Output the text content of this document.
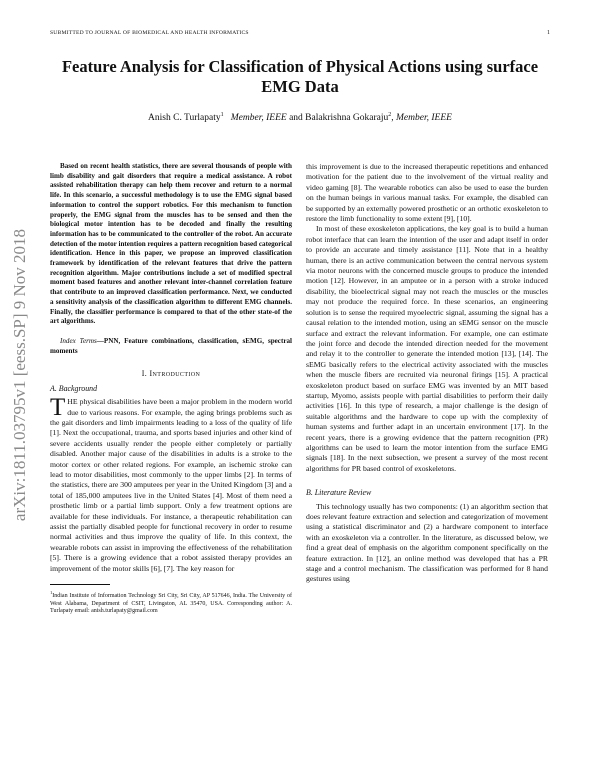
SUBMITTED TO JOURNAL OF BIOMEDICAL AND HEALTH INFORMATICS	1
Feature Analysis for Classification of Physical Actions using surface EMG Data
Anish C. Turlapaty$^1$ Member, IEEE and Balakrishna Gokaraju$^2$, Member, IEEE
arXiv:1811.03795v1 [eess.SP] 9 Nov 2018

Based on recent health statistics, there are several thousands of people with limb disability and gait disorders that require a medical assistance. A robot assisted rehabilitation therapy can help them recover and return to a normal life. In this scenario, a successful methodology is to use the EMG signal based information to control the support robotics. For this mechanism to function properly, the EMG signal from the muscles has to be sensed and then the biological motor intention has to be decoded and finally the resulting information has to be communicated to the controller of the robot. An accurate detection of the motor intention requires a pattern recognition based categorical identification. Hence in this paper, we propose an improved classification framework by identification of the relevant features that drive the pattern recognition algorithm. Major contributions include a set of modified spectral moment based features and another relevant inter-channel correlation feature that contribute to an improved classification performance. Next, we conducted a sensitivity analysis of the classification algorithm to different EMG channels. Finally, the classifier performance is compared to that of the other state-of the art algorithms.

Index Terms—PNN, Feature combinations, classification, sEMG, spectral moments

I. Introduction
A. Background

THE physical disabilities have been a major problem in the modern world due to various reasons. For example, the aging brings problems such as the gait disorders and limb impairments leading to a loss of the quality of life [1]. Next the occupational, trauma, and sports based injuries and other kind of severe accidents usually render the people either completely or partially disabled. Another major cause of the disabilities in adults is a stroke to the motor cortex or other related regions. For example, an ischemic stroke can lead to motor disabilities, most commonly to the upper limbs [2]. In terms of the statistics, there are 300 amputees per year in the United Kingdom [3] and a total of 185,000 amputees live in the United States [4]. Most of them need a prosthetic limb or a partial limb support. Only a few treatment options are available for these individuals. For instance, a therapeutic rehabilitation can assist the partially disabled people for functional recovery in order to resume normal activities and thus improve the quality of life. In this context, the wearable robots can assist in improving the effectiveness of the rehabilitation [5]. There is a growing evidence that a robot assisted therapy provides an improvement of the motor skills [6], [7]. The key reason for

$^1$Indian Institute of Information Technology Sri City, Sri City, AP 517646, India. The University of West Alabama, Department of CSIT, Livingston, AL 35470, USA. Corresponding author: A. Turlapaty email: anish.turlapaty@gmail.com

this improvement is due to the increased therapeutic repetitions and enhanced motivation for the patient due to the involvement of the virtual reality and video gaming [8]. The wearable robotics can also be used to ease the burden on the human beings in various manual tasks. For example, the disabled can be supported by an externally powered prosthetic or an orthotic exoskeleton to restore the limb functionality to some extent [9], [10].

In most of these exoskeleton applications, the key goal is to build a human robot interface that can learn the intention of the user and adapt itself in order to provide an accurate and timely assistance [11]. Note that in a healthy human, there is an active communication between the central nervous system via motor neurons with the concerned muscle groups to produce the intended motion [12]. However, in an amputee or in a person with a stroke induced disability, the bioelectrical signal may not reach the muscles or the muscles may not produce the required force. In these scenarios, an engineering solution is to sense the required myoelectric signal, assuming the signal has a causal relation to the intended motion, using an sEMG sensor on the muscle surface and extract the relevant information. For example, one can estimate the joint force and decode the intended direction needed for the movement and relay it to the controller to generate the intended motion [13], [14]. The sEMG basically refers to the electrical activity associated with the muscles when the muscle fibers are recruited via neuronal firings [15]. A practical exoskeleton product based on surface EMG was invented by an MIT based startup, Myomo, assists people with partial disabilities to perform their daily activities [16]. In this type of research, a major challenge is the design of suitable algorithms and the hardware to cope up with the complexity of human systems and further adapt in an uncertain environment [17]. In the recent years, there is a growing evidence that the pattern recognition (PR) algorithms can be used to learn the motor intention from the surface EMG signals [18]. In the next subsection, we present a survey of the most recent algorithms for PR based control of exoskeletons.

B. Literature Review

This technology usually has two components: (1) an algorithm section that does relevant feature extraction and selection and categorization of movement using a statistical discriminator and (2) a hardware component to interface with an exoskeleton via a controller. In the literature, as discussed below, we find a great deal of emphasis on the algorithm component specifically on the feature extraction. In [12], an online method was developed that has a PR stage and a control mechanism. The classification was performed for 8 hand gestures using
